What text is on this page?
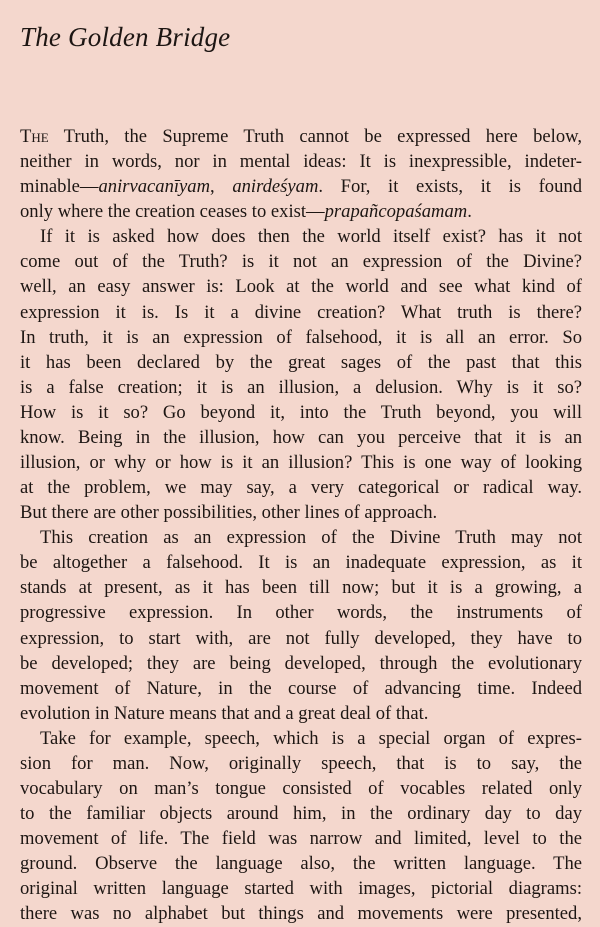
The Golden Bridge
The Truth, the Supreme Truth cannot be expressed here below,
neither in words, nor in mental ideas: It is inexpressible, indeter-
minable—anirvacanīyam, anirdeśyam. For, it exists, it is found
only where the creation ceases to exist—prapañcopaśamam.
If it is asked how does then the world itself exist? has it not
come out of the Truth? is it not an expression of the Divine?
well, an easy answer is: Look at the world and see what kind of
expression it is. Is it a divine creation? What truth is there?
In truth, it is an expression of falsehood, it is all an error. So
it has been declared by the great sages of the past that this
is a false creation; it is an illusion, a delusion. Why is it so?
How is it so? Go beyond it, into the Truth beyond, you will
know. Being in the illusion, how can you perceive that it is an
illusion, or why or how is it an illusion? This is one way of looking
at the problem, we may say, a very categorical or radical way.
But there are other possibilities, other lines of approach.
This creation as an expression of the Divine Truth may not
be altogether a falsehood. It is an inadequate expression, as it
stands at present, as it has been till now; but it is a growing, a
progressive expression. In other words, the instruments of
expression, to start with, are not fully developed, they have to
be developed; they are being developed, through the evolutionary
movement of Nature, in the course of advancing time. Indeed
evolution in Nature means that and a great deal of that.
Take for example, speech, which is a special organ of expres-
sion for man. Now, originally speech, that is to say, the
vocabulary on man’s tongue consisted of vocables related only
to the familiar objects around him, in the ordinary day to day
movement of life. The field was narrow and limited, level to the
ground. Observe the language also, the written language. The
original written language started with images, pictorial diagrams:
there was no alphabet but things and movements were presented,
